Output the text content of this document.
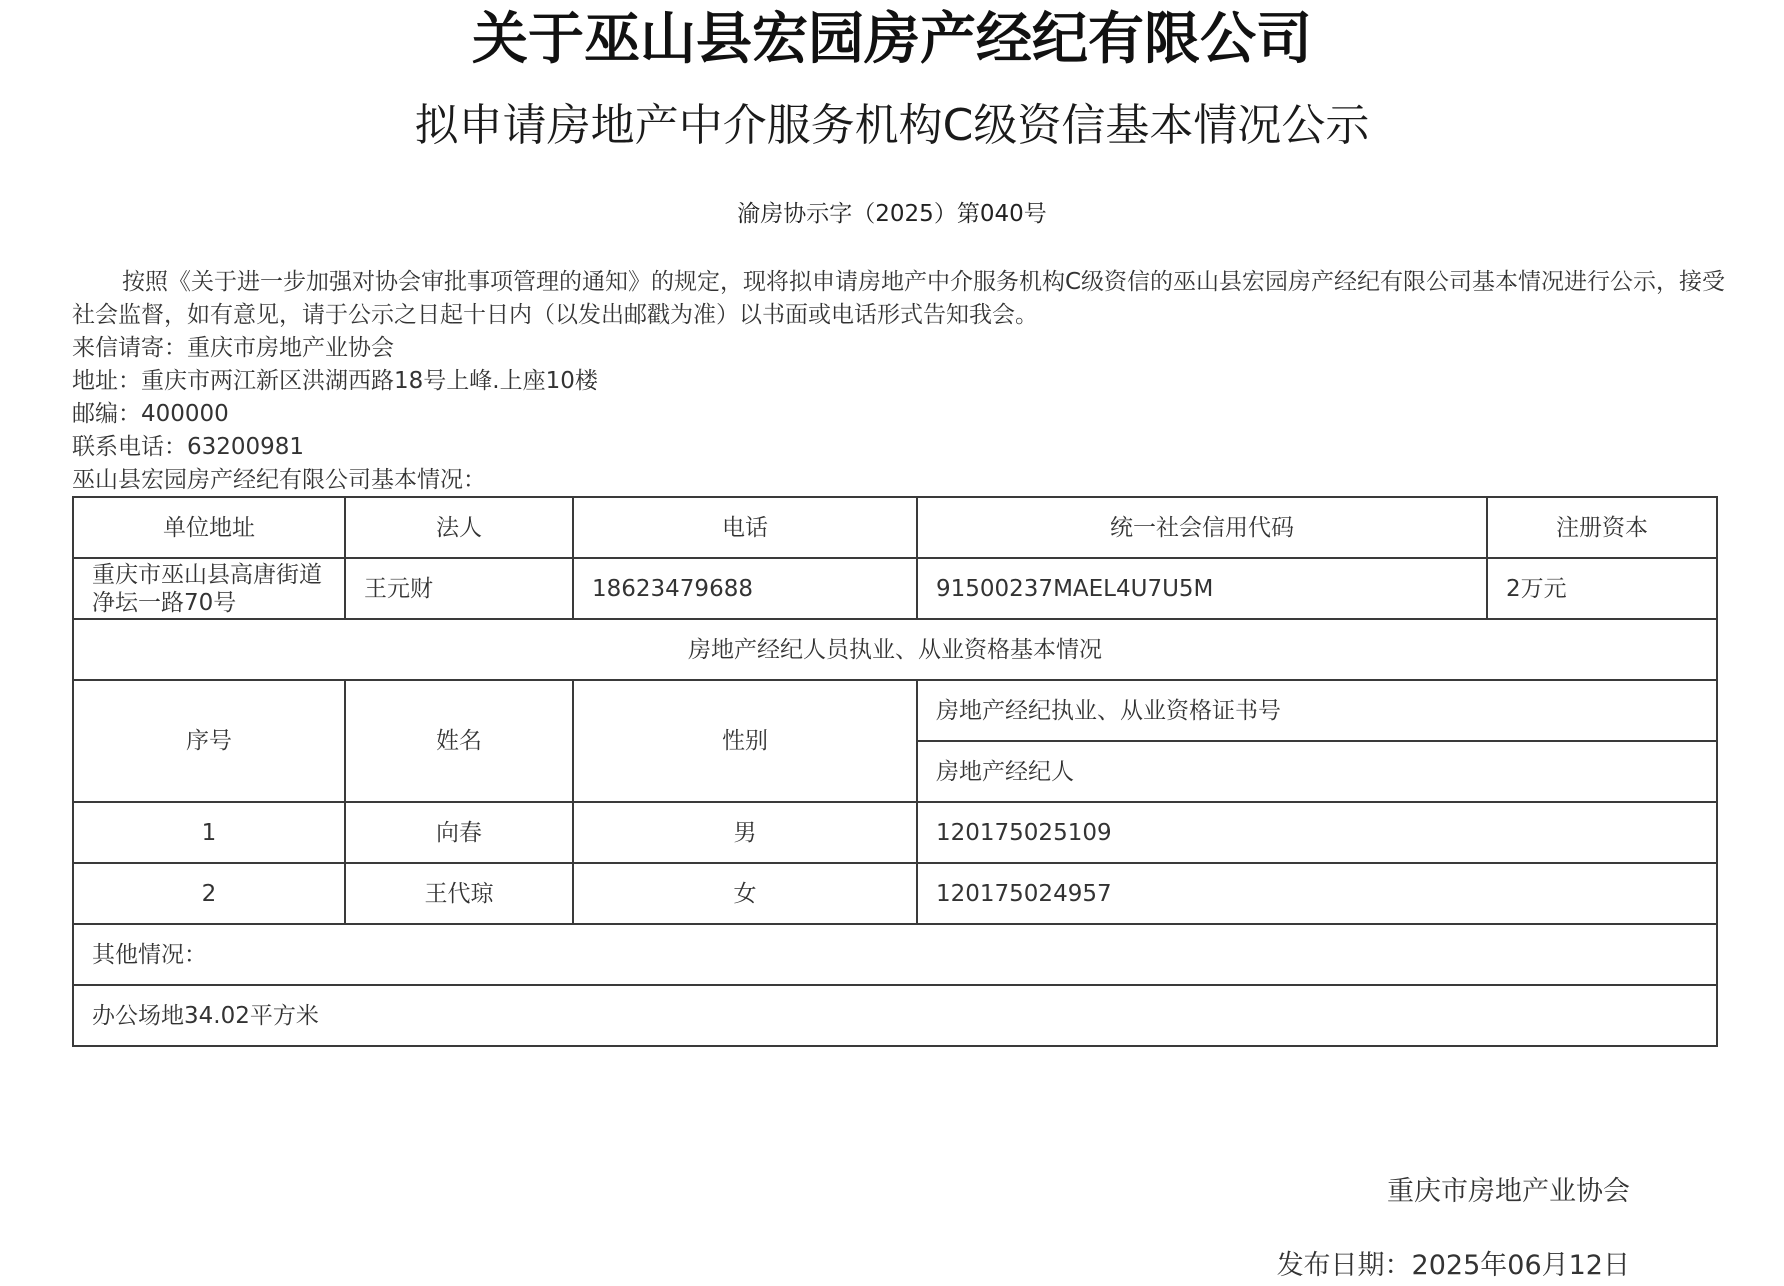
关于巫山县宏园房产经纪有限公司
拟申请房地产中介服务机构C级资信基本情况公示
渝房协示字（2025）第040号

按照《关于进一步加强对协会审批事项管理的通知》的规定，现将拟申请房地产中介服务机构C级资信的巫山县宏园房产经纪有限公司基本情况进行公示，接受社会监督，如有意见，请于公示之日起十日内（以发出邮戳为准）以书面或电话形式告知我会。

来信请寄：重庆市房地产业协会

地址：重庆市两江新区洪湖西路18号上峰.上座10楼

邮编：400000

联系电话：63200981

巫山县宏园房产经纪有限公司基本情况：

单位地址	法人	电话	统一社会信用代码	注册资本
重庆市巫山县高唐街道净坛一路70号	王元财	18623479688	91500237MAEL4U7U5M	2万元
房地产经纪人员执业、从业资格基本情况				
序号	姓名	性别	房地产经纪执业、从业资格证书号	
			房地产经纪人	
1	向春	男	120175025109	
2	王代琼	女	120175024957	
其他情况：				
办公场地34.02平方米				
重庆市房地产业协会
发布日期：2025年06月12日
